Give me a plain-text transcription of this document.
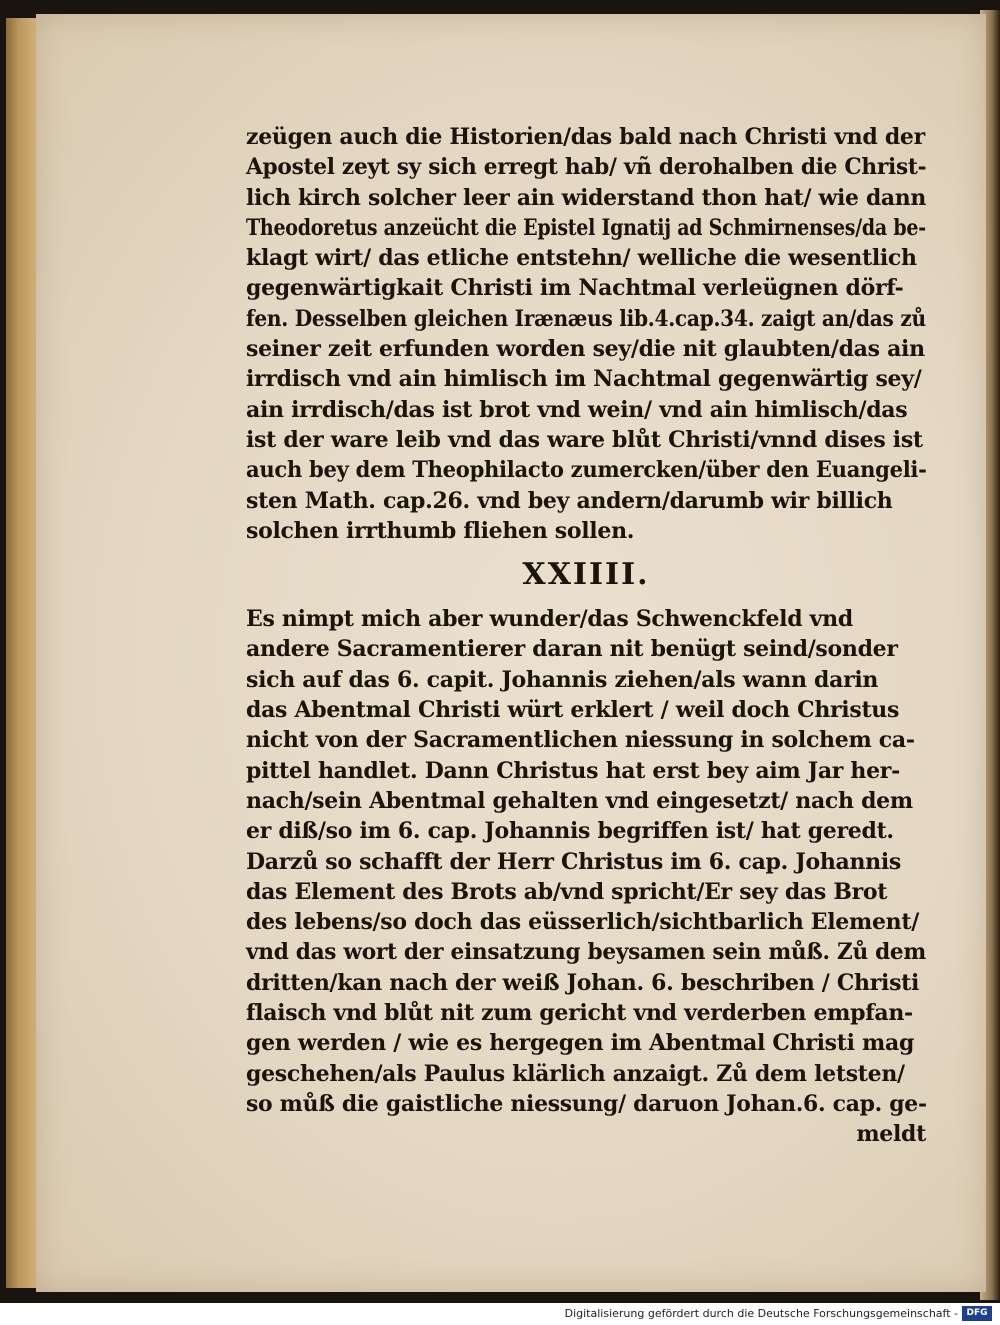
zeügen auch die Histori̇en/das bald nach Christi vnd der
Apostel zeyt sy sich erregt hab/ vñ derohalben die Christ-
lich kirch solcher leer ain widerstand thon hat/ wie dann
Theodoretus anzeücht die Epistel Ignatij ad Schmirnenses/da be-
klagt wirt/ das etliche entstehn/ welliche die wesentlich
gegenwärtigkait Christi im Nachtmal verleügnen dörf-
fen. Desselben gleichen Irænæus lib.4.cap.34. zaigt an/das zů
seiner zeit erfunden worden sey/die nit glaubten/das ain
irrdisch vnd ain himlisch im Nachtmal gegenwärtig sey/
ain irrdisch/das ist brot vnd wein/ vnd ain himlisch/das
ist der ware leib vnd das ware blůt Christi/vnnd dises ist
auch bey dem Theophilacto zumercken/über den Euangeli-
sten Math. cap.26. vnd bey andern/darumb wir billich
solchen irrthumb fliehen sollen.
XXIIII.
Es nimpt mich aber wunder/das Schwenckfeld vnd
andere Sacramentierer daran nit benügt seind/sonder
sich auf das 6. capit. Johannis ziehen/als wann darin
das Abentmal Christi würt erklert / weil doch Christus
nicht von der Sacramentlichen niessung in solchem ca-
pittel handlet. Dann Christus hat erst bey aim Jar her-
nach/sein Abentmal gehalten vnd eingesetzt/ nach dem
er diß/so im 6. cap. Johannis begriffen ist/ hat geredt.
Darzů so schafft der Herr Christus im 6. cap. Johannis
das Element des Brots ab/vnd spricht/Er sey das Brot
des lebens/so doch das eüsserlich/sichtbarlich Element/
vnd das wort der einsatzung beysamen sein můß. Zů dem
dritten/kan nach der weiß Johan. 6. beschriben / Christi
flaisch vnd blůt nit zum gericht vnd verderben empfan-
gen werden / wie es hergegen im Abentmal Christi mag
geschehen/als Paulus klärlich anzaigt. Zů dem letsten/
so můß die gaistliche niessung/ daruon Johan.6. cap. ge-
meldt
Digitalisierung gefördert durch die Deutsche Forschungsgemeinschaft - DFG
